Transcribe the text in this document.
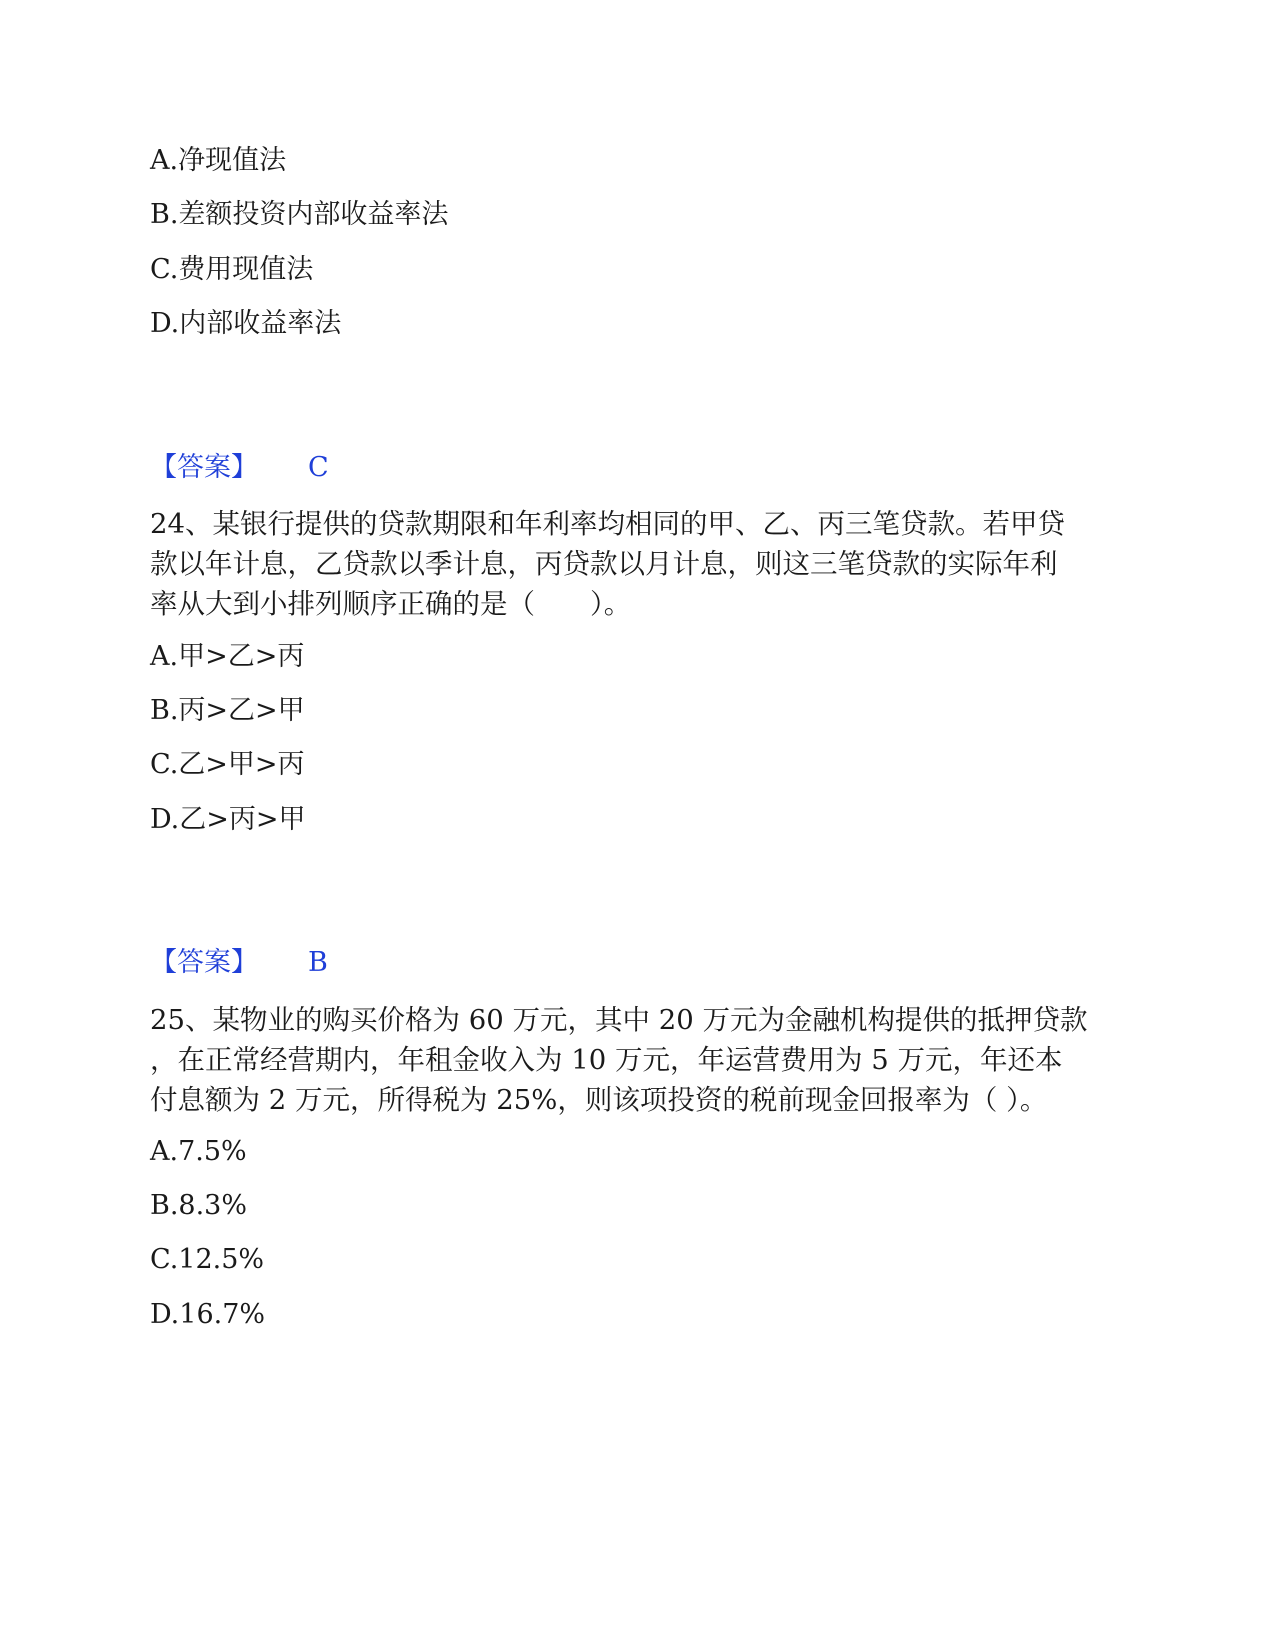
A.净现值法
B.差额投资内部收益率法
C.费用现值法
D.内部收益率法
【答案】 C
24、某银行提供的贷款期限和年利率均相同的甲、乙、丙三笔贷款。若甲贷
款以年计息，乙贷款以季计息，丙贷款以月计息，则这三笔贷款的实际年利
率从大到小排列顺序正确的是（　　）。
A.甲>乙>丙
B.丙>乙>甲
C.乙>甲>丙
D.乙>丙>甲
【答案】 B
25、某物业的购买价格为 60 万元，其中 20 万元为金融机构提供的抵押贷款
，在正常经营期内，年租金收入为 10 万元，年运营费用为 5 万元，年还本
付息额为 2 万元，所得税为 25%，则该项投资的税前现金回报率为（ ）。
A.7.5%
B.8.3%
C.12.5%
D.16.7%
